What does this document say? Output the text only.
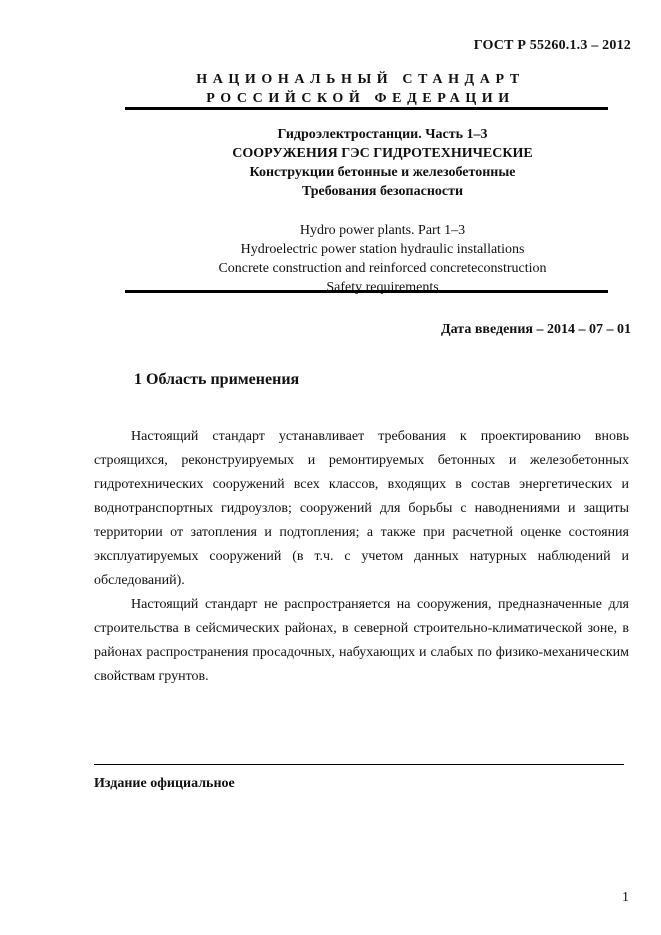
ГОСТ Р 55260.1.3 – 2012
НАЦИОНАЛЬНЫЙ СТАНДАРТ
РОССИЙСКОЙ ФЕДЕРАЦИИ
Гидроэлектростанции. Часть 1–3
СООРУЖЕНИЯ ГЭС ГИДРОТЕХНИЧЕСКИЕ
Конструкции бетонные и железобетонные
Требования безопасности
Hydro power plants. Part 1–3
Hydroelectric power station hydraulic installations
Concrete construction and reinforced concreteconstruction
Safety requirements
Дата введения – 2014 – 07 – 01
1 Область применения

Настоящий стандарт устанавливает требования к проектированию вновь строящихся, реконструируемых и ремонтируемых бетонных и железобетонных гидротехнических сооружений всех классов, входящих в состав энергетических и воднотранспортных гидроузлов; сооружений для борьбы с наводнениями и защиты территории от затопления и подтопления; а также при расчетной оценке состояния эксплуатируемых сооружений (в т.ч. с учетом данных натурных наблюдений и обследований).

Настоящий стандарт не распространяется на сооружения, предназначенные для строительства в сейсмических районах, в северной строительно-климатической зоне, в районах распространения просадочных, набухающих и слабых по физико-механическим свойствам грунтов.

Издание официальное
1
